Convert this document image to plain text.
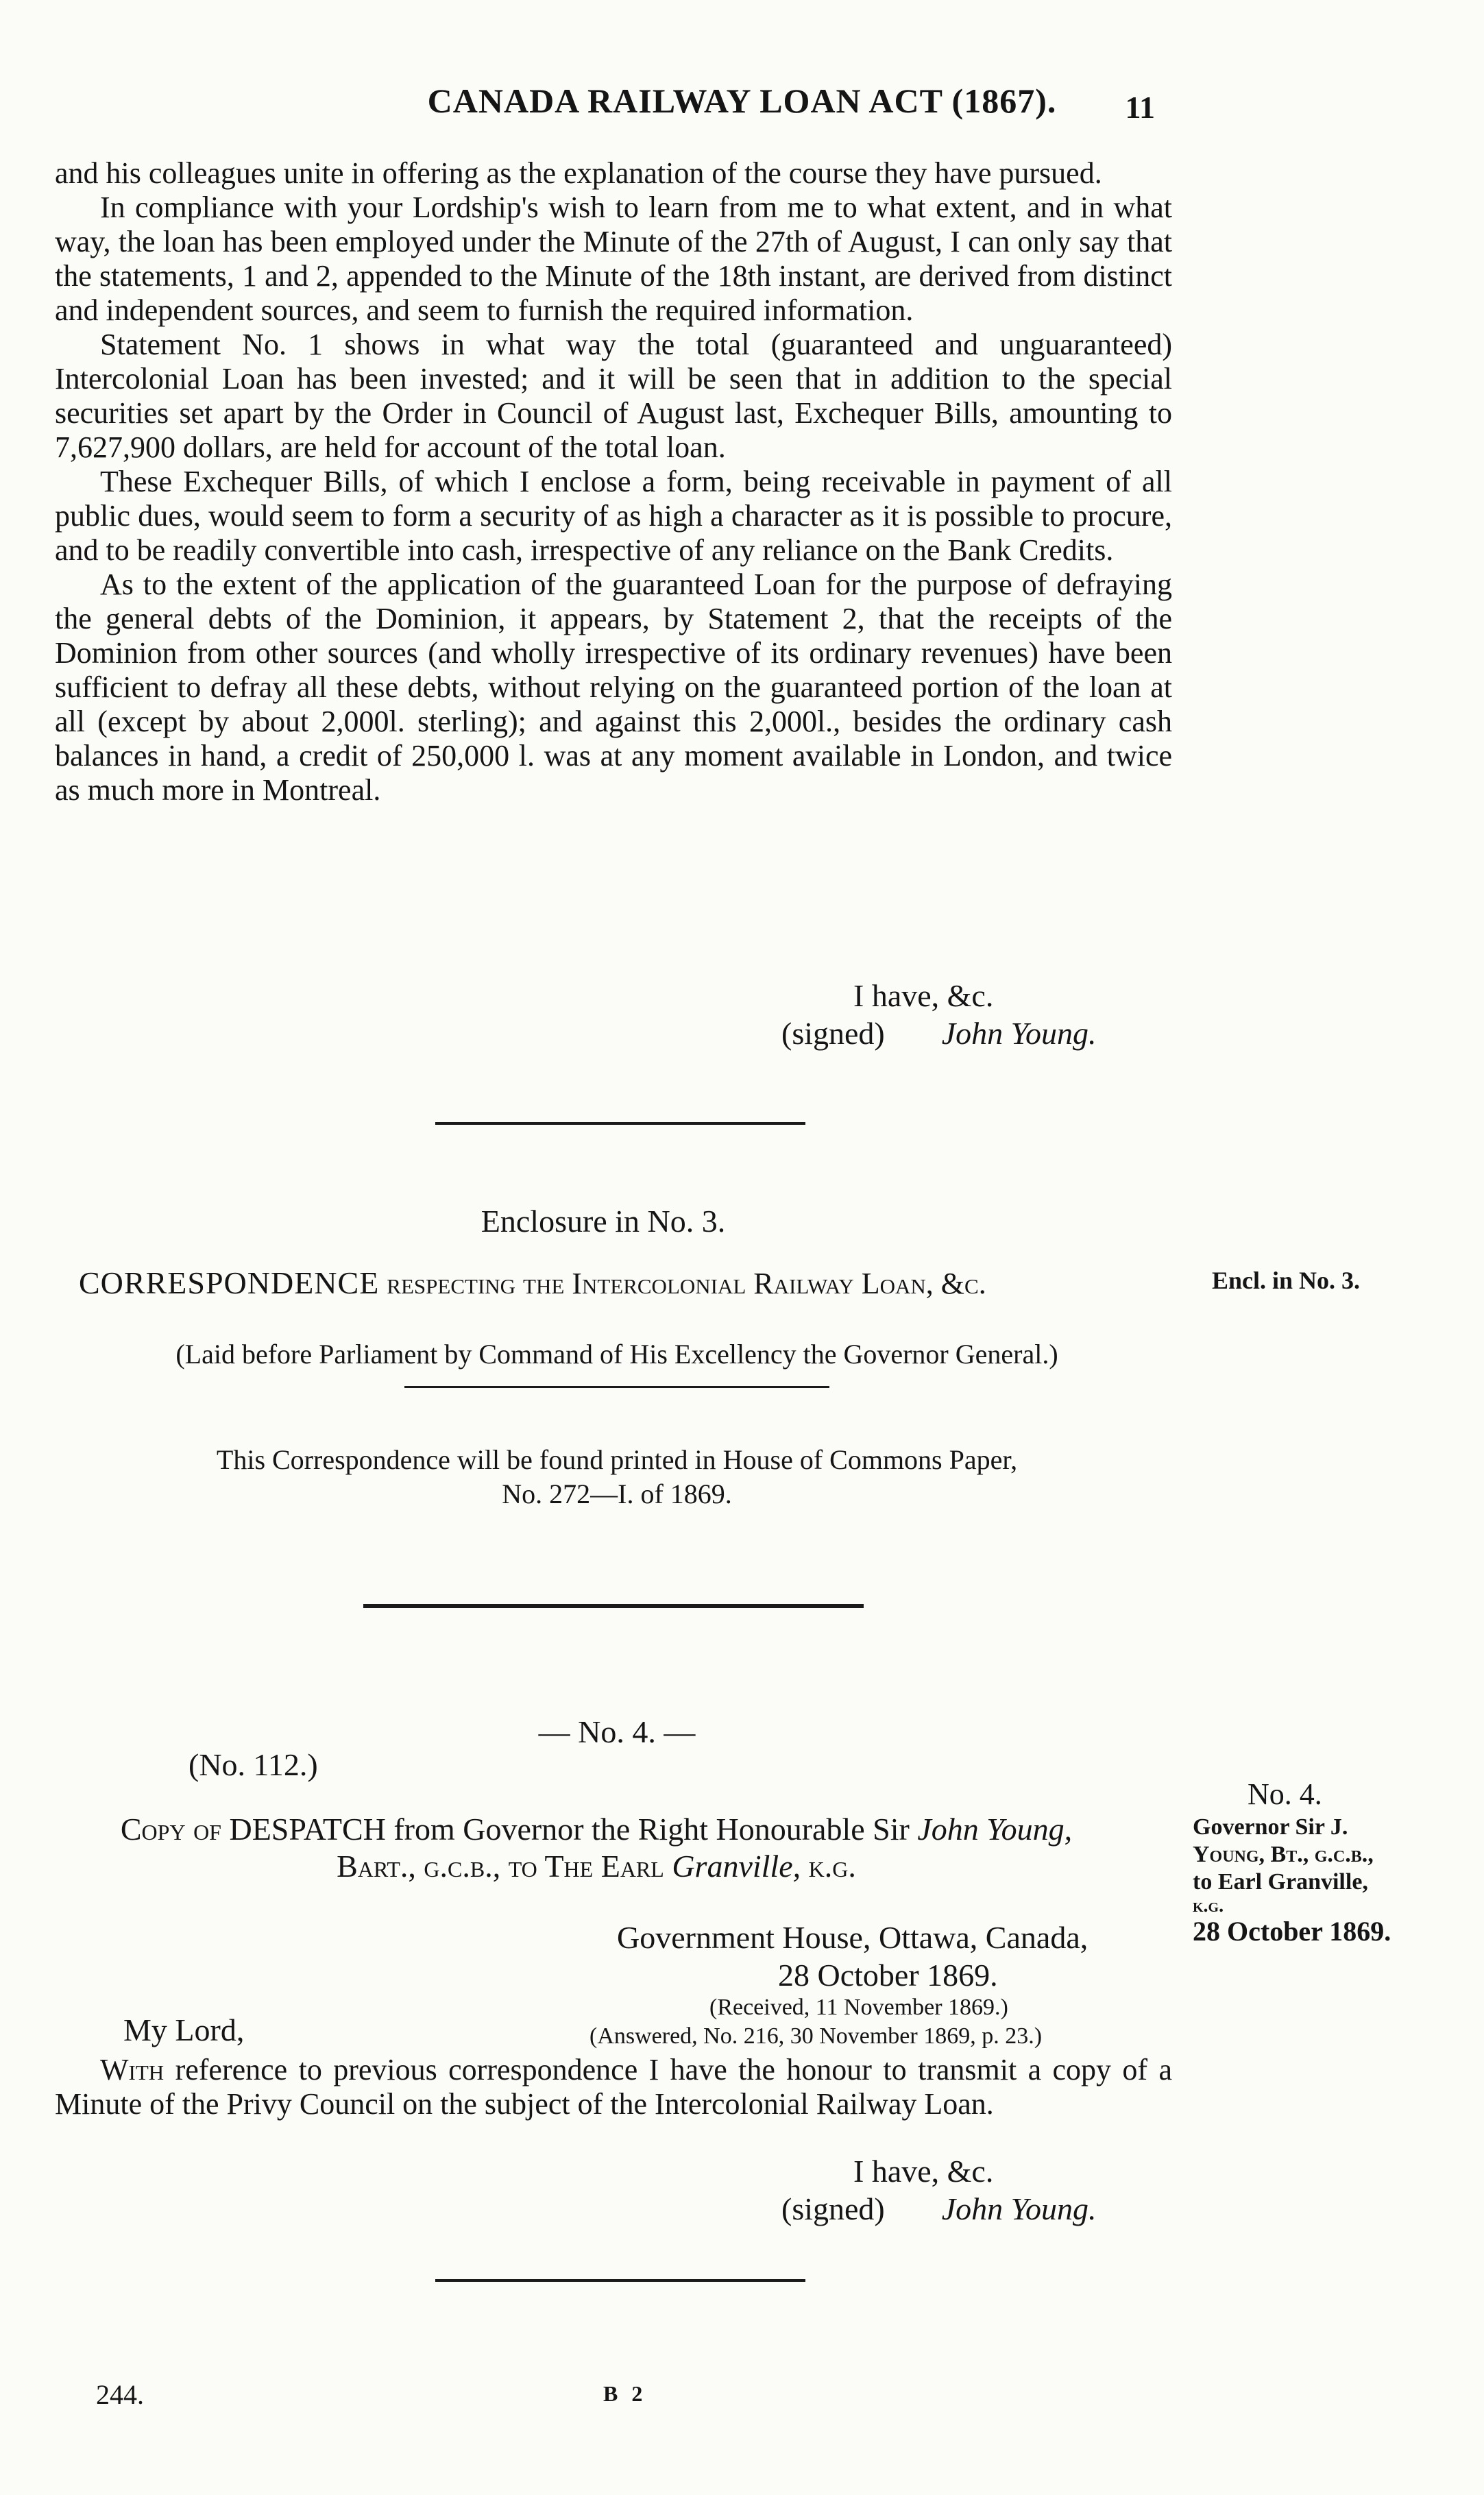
CANADA RAILWAY LOAN ACT (1867).	11

and his colleagues unite in offering as the explanation of the course they have pursued.

In compliance with your Lordship's wish to learn from me to what extent, and in what way, the loan has been employed under the Minute of the 27th of August, I can only say that the statements, 1 and 2, appended to the Minute of the 18th instant, are derived from distinct and independent sources, and seem to furnish the required information.

Statement No. 1 shows in what way the total (guaranteed and unguaranteed) Intercolonial Loan has been invested; and it will be seen that in addition to the special securities set apart by the Order in Council of August last, Exchequer Bills, amounting to 7,627,900 dollars, are held for account of the total loan.

These Exchequer Bills, of which I enclose a form, being receivable in payment of all public dues, would seem to form a security of as high a character as it is possible to procure, and to be readily convertible into cash, irrespective of any reliance on the Bank Credits.

As to the extent of the application of the guaranteed Loan for the purpose of defraying the general debts of the Dominion, it appears, by Statement 2, that the receipts of the Dominion from other sources (and wholly irrespective of its ordinary revenues) have been sufficient to defray all these debts, without relying on the guaranteed portion of the loan at all (except by about 2,000l. sterling); and against this 2,000l., besides the ordinary cash balances in hand, a credit of 250,000 l. was at any moment available in London, and twice as much more in Montreal.

I have, &c.
(signed) John Young.
Enclosure in No. 3.
CORRESPONDENCE respecting the Intercolonial Railway Loan, &c.	Encl. in No. 3.
(Laid before Parliament by Command of His Excellency the Governor General.)
This Correspondence will be found printed in House of Commons Paper,
No. 272—I. of 1869.
— No. 4. —
(No. 112.)
Copy of DESPATCH from Governor the Right Honourable Sir John Young,
Bart., g.c.b., to The Earl Granville, k.g.
No. 4.
Governor Sir J.
Young, Bt., g.c.b.,
to Earl Granville,
k.g.
28 October 1869.
Government House, Ottawa, Canada,
28 October 1869.
(Received, 11 November 1869.)
My Lord,	(Answered, No. 216, 30 November 1869, p. 23.)

With reference to previous correspondence I have the honour to transmit a copy of a Minute of the Privy Council on the subject of the Intercolonial Railway Loan.

I have, &c.
(signed) John Young.
244.	B 2
